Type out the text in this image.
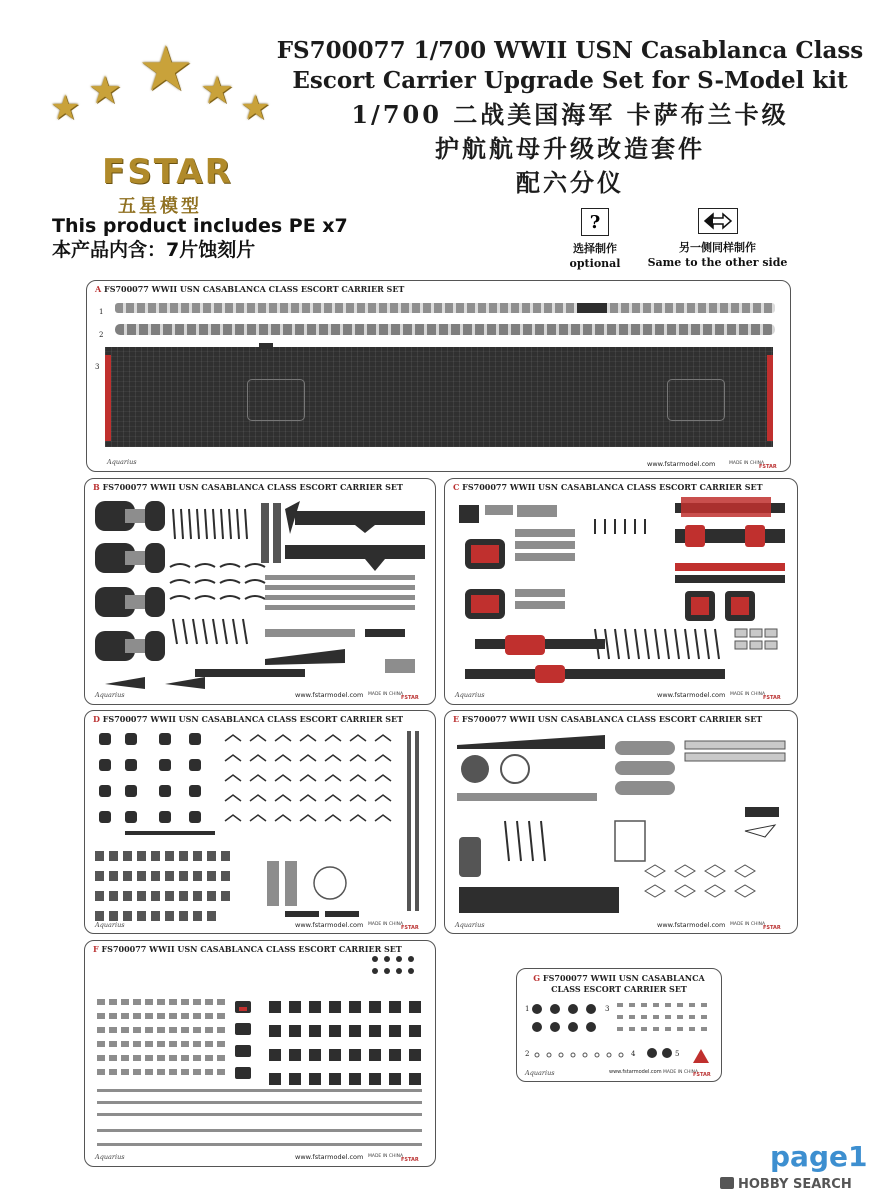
★
★ ★
★	★
FSTAR
五星模型
FS700077 1/700 WWII USN Casablanca Class
Escort Carrier Upgrade Set for S-Model kit
1/700 二战美国海军 卡萨布兰卡级
护航航母升级改造套件
配六分仪
This product includes PE x7
本产品内含：7片蚀刻片
?
选择制作
optional
另一侧同样制作
Same to the other side
A FS700077 WWII USN CASABLANCA CLASS ESCORT CARRIER SET
1
2
3
Aquarius	www.fstarmodel.com	MADE IN CHINA
FSTAR
B FS700077 WWII USN CASABLANCA CLASS ESCORT CARRIER SET
Aquarius	www.fstarmodel.com MADE IN CHINA
FSTAR
C FS700077 WWII USN CASABLANCA CLASS ESCORT CARRIER SET
Aquarius	www.fstarmodel.com MADE IN CHINA
FSTAR
D FS700077 WWII USN CASABLANCA CLASS ESCORT CARRIER SET
Aquarius	www.fstarmodel.com MADE IN CHINA
FSTAR
E FS700077 WWII USN CASABLANCA CLASS ESCORT CARRIER SET
Aquarius	www.fstarmodel.com MADE IN CHINA
FSTAR
F FS700077 WWII USN CASABLANCA CLASS ESCORT CARRIER SET
Aquarius	www.fstarmodel.com MADE IN CHINA
FSTAR
G FS700077 WWII USN CASABLANCA
CLASS ESCORT CARRIER SET
1
2
3
4	5
Aquarius	www.fstarmodel.com MADE IN CHINA
FSTAR
page1
HOBBY SEARCH
